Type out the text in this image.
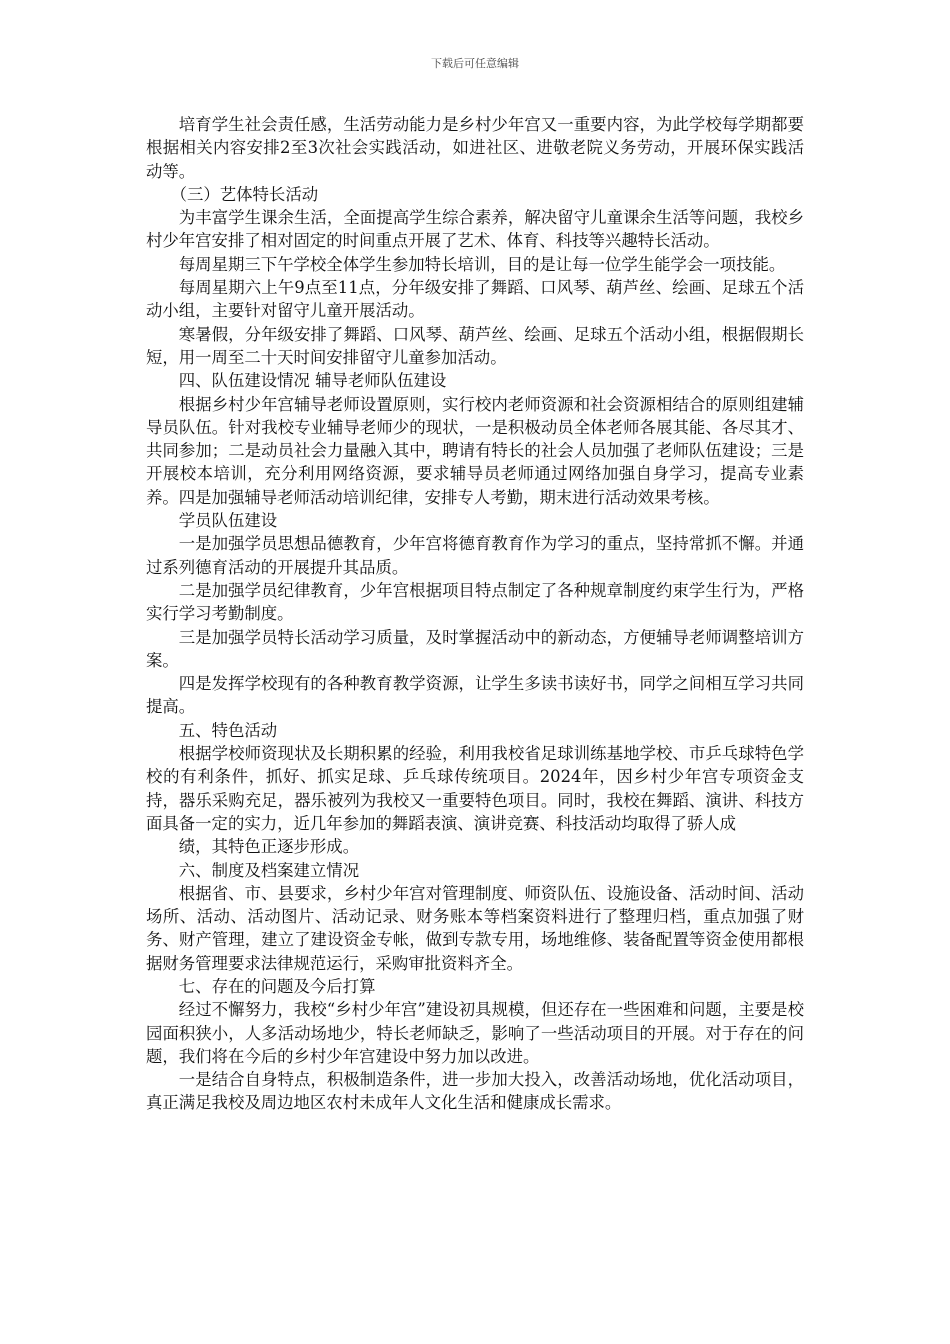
下载后可任意编辑

培育学生社会责任感，生活劳动能力是乡村少年宫又一重要内容，为此学校每学期都要根据相关内容安排2至3次社会实践活动，如进社区、进敬老院义务劳动，开展环保实践活动等。

（三）艺体特长活动

为丰富学生课余生活，全面提高学生综合素养，解决留守儿童课余生活等问题，我校乡村少年宫安排了相对固定的时间重点开展了艺术、体育、科技等兴趣特长活动。

每周星期三下午学校全体学生参加特长培训，目的是让每一位学生能学会一项技能。

每周星期六上午9点至11点，分年级安排了舞蹈、口风琴、葫芦丝、绘画、足球五个活动小组，主要针对留守儿童开展活动。

寒暑假，分年级安排了舞蹈、口风琴、葫芦丝、绘画、足球五个活动小组，根据假期长短，用一周至二十天时间安排留守儿童参加活动。

四、队伍建设情况 辅导老师队伍建设

根据乡村少年宫辅导老师设置原则，实行校内老师资源和社会资源相结合的原则组建辅导员队伍。针对我校专业辅导老师少的现状，一是积极动员全体老师各展其能、各尽其才、共同参加；二是动员社会力量融入其中，聘请有特长的社会人员加强了老师队伍建设；三是开展校本培训，充分利用网络资源，要求辅导员老师通过网络加强自身学习，提高专业素养。四是加强辅导老师活动培训纪律，安排专人考勤，期末进行活动效果考核。

学员队伍建设

一是加强学员思想品德教育，少年宫将德育教育作为学习的重点，坚持常抓不懈。并通过系列德育活动的开展提升其品质。

二是加强学员纪律教育，少年宫根据项目特点制定了各种规章制度约束学生行为，严格实行学习考勤制度。

三是加强学员特长活动学习质量，及时掌握活动中的新动态，方便辅导老师调整培训方案。

四是发挥学校现有的各种教育教学资源，让学生多读书读好书，同学之间相互学习共同提高。

五、特色活动

根据学校师资现状及长期积累的经验，利用我校省足球训练基地学校、市乒乓球特色学校的有利条件，抓好、抓实足球、乒乓球传统项目。2024年，因乡村少年宫专项资金支持，器乐采购充足，器乐被列为我校又一重要特色项目。同时，我校在舞蹈、演讲、科技方面具备一定的实力，近几年参加的舞蹈表演、演讲竞赛、科技活动均取得了骄人成

绩，其特色正逐步形成。

六、制度及档案建立情况

根据省、市、县要求，乡村少年宫对管理制度、师资队伍、设施设备、活动时间、活动场所、活动、活动图片、活动记录、财务账本等档案资料进行了整理归档，重点加强了财务、财产管理，建立了建设资金专帐，做到专款专用，场地维修、装备配置等资金使用都根据财务管理要求法律规范运行，采购审批资料齐全。

七、存在的问题及今后打算

经过不懈努力，我校“乡村少年宫”建设初具规模，但还存在一些困难和问题，主要是校园面积狭小，人多活动场地少，特长老师缺乏，影响了一些活动项目的开展。对于存在的问题，我们将在今后的乡村少年宫建设中努力加以改进。

一是结合自身特点，积极制造条件，进一步加大投入，改善活动场地，优化活动项目，真正满足我校及周边地区农村未成年人文化生活和健康成长需求。
